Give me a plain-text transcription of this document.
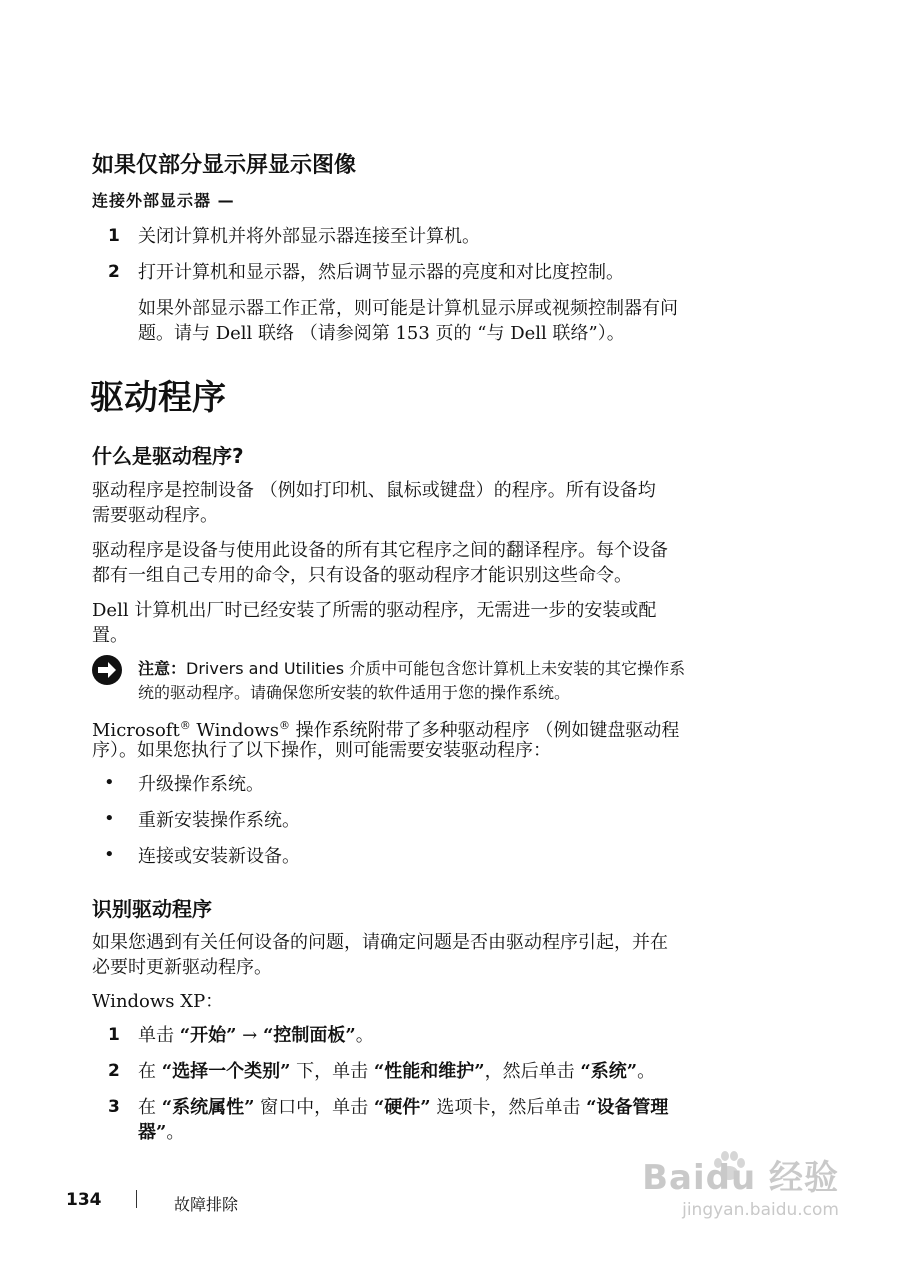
如果仅部分显示屏显示图像
连接外部显示器 —
1 关闭计算机并将外部显示器连接至计算机。
2 打开计算机和显示器，然后调节显示器的亮度和对比度控制。
如果外部显示器工作正常，则可能是计算机显示屏或视频控制器有问
题。请与 Dell 联络 （请参阅第 153 页的 “与 Dell 联络”）。
驱动程序
什么是驱动程序?
驱动程序是控制设备 （例如打印机、鼠标或键盘）的程序。所有设备均
需要驱动程序。
驱动程序是设备与使用此设备的所有其它程序之间的翻译程序。每个设备
都有一组自己专用的命令，只有设备的驱动程序才能识别这些命令。
Dell 计算机出厂时已经安装了所需的驱动程序，无需进一步的安装或配
置。
注意：Drivers and Utilities 介质中可能包含您计算机上未安装的其它操作系
统的驱动程序。请确保您所安装的软件适用于您的操作系统。
Microsoft® Windows® 操作系统附带了多种驱动程序 （例如键盘驱动程
序）。如果您执行了以下操作，则可能需要安装驱动程序：
• 升级操作系统。
• 重新安装操作系统。
• 连接或安装新设备。
识别驱动程序
如果您遇到有关任何设备的问题，请确定问题是否由驱动程序引起，并在
必要时更新驱动程序。
Windows XP：
1 单击 “开始” → “控制面板”。
2 在 “选择一个类别” 下，单击 “性能和维护”，然后单击 “系统”。
3 在 “系统属性” 窗口中，单击 “硬件” 选项卡，然后单击 “设备管理
器”。
134	故障排除
Baidu 经验
jingyan.baidu.com
